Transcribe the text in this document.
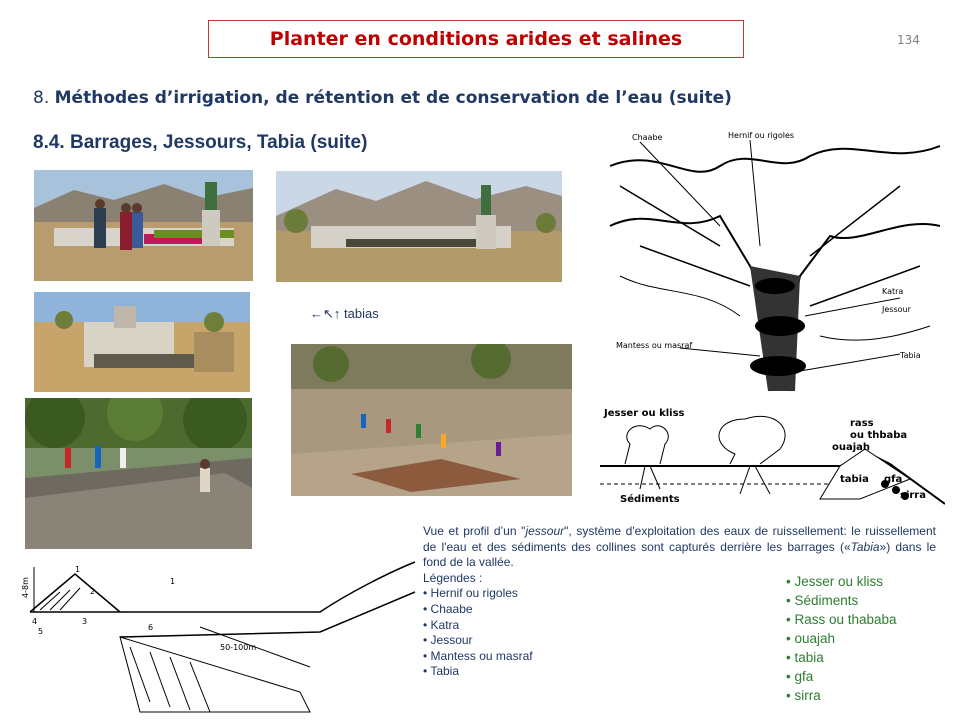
Planter en conditions arides et salines	134
8. Méthodes d’irrigation, de rétention et de conservation de l’eau (suite)
8.4. Barrages, Jessours, Tabia (suite)
←↖↑ tabias
Chaabe	Hernif ou rigoles
Katra
Jessour
Mantess ou masraf
Tabia
Jesser ou kliss
rass
ou thbaba
ouajah
tabia gfa
sirra
Sédiments
4-8m
1
2
3
4
5	6
1
50-100m

Vue et profil d’un "jessour", système d'exploitation des eaux de ruissellement: le ruissellement de l'eau et des sédiments des collines sont capturés derrière les barrages («Tabia») dans le fond de la vallée.

Légendes :
• Hernif ou rigoles
• Chaabe
• Katra
• Jessour
• Mantess ou masraf
• Tabia
• Jesser ou kliss
• Sédiments
• Rass ou thababa
• ouajah
• tabia
• gfa
• sirra
